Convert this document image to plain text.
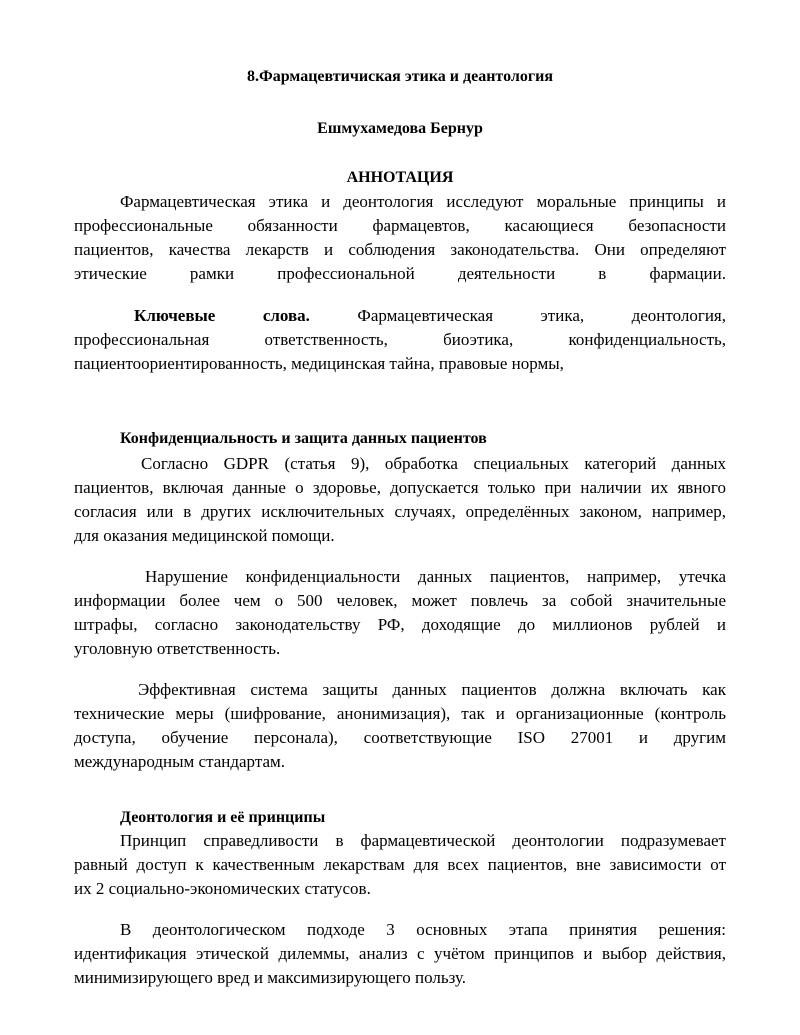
8.Фармацевтичиская этика и деантология
Ешмухамедова Бернур
АННОТАЦИЯ
Фармацевтическая этика и деонтология исследуют моральные принципы и
профессиональные обязанности фармацевтов, касающиеся безопасности
пациентов, качества лекарств и соблюдения законодательства. Они определяют
этические рамки профессиональной деятельности в фармации.
Ключевые слова.	Фармацевтическая этика, деонтология,
профессиональная ответственность, биоэтика, конфиденциальность,
пациентоориентированность, медицинская тайна, правовые нормы,
Конфиденциальность и защита данных пациентов
Согласно GDPR (статья 9), обработка специальных категорий данных
пациентов, включая данные о здоровье, допускается только при наличии их явного
согласия или в других исключительных случаях, определённых законом, например,
для оказания медицинской помощи.
Нарушение конфиденциальности данных пациентов, например, утечка
информации более чем о 500 человек, может повлечь за собой значительные
штрафы, согласно законодательству РФ, доходящие до миллионов рублей и
уголовную ответственность.
Эффективная система защиты данных пациентов должна включать как
технические меры (шифрование, анонимизация), так и организационные (контроль
доступа, обучение персонала), соответствующие ISO 27001 и другим
международным стандартам.
Деонтология и её принципы
Принцип справедливости в фармацевтической деонтологии подразумевает
равный доступ к качественным лекарствам для всех пациентов, вне зависимости от
их 2 социально-экономических статусов.
В деонтологическом подходе 3 основных этапа принятия решения:
идентификация этической дилеммы, анализ с учётом принципов и выбор действия,
минимизирующего вред и максимизирующего пользу.
